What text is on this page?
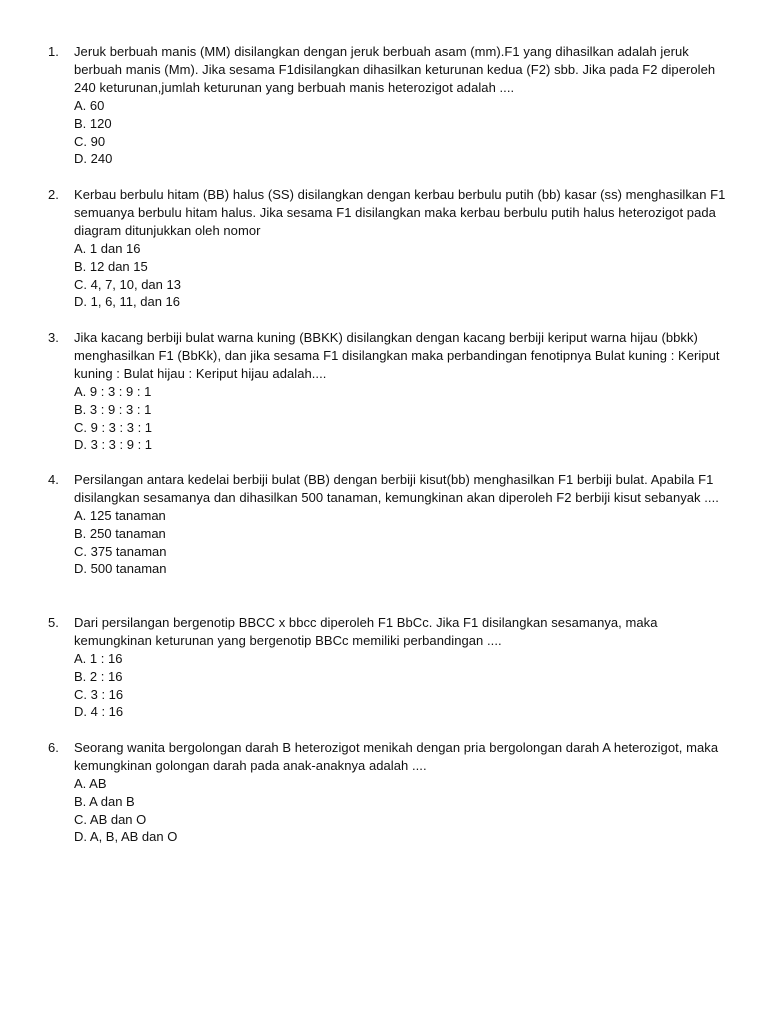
1.	Jeruk berbuah manis (MM) disilangkan dengan jeruk berbuah asam (mm).F1 yang dihasilkan adalah jeruk berbuah manis (Mm). Jika sesama F1disilangkan dihasilkan keturunan kedua (F2) sbb. Jika pada F2 diperoleh 240 keturunan,jumlah keturunan yang berbuah manis heterozigot adalah ....
A. 60
B. 120
C. 90
D. 240
2.	Kerbau berbulu hitam (BB) halus (SS) disilangkan dengan kerbau berbulu putih (bb) kasar (ss) menghasilkan F1 semuanya berbulu hitam halus. Jika sesama F1 disilangkan maka kerbau berbulu putih halus heterozigot pada diagram ditunjukkan oleh nomor
A. 1 dan 16
B. 12 dan 15
C. 4, 7, 10, dan 13
D. 1, 6, 11, dan 16
3.	Jika kacang berbiji bulat warna kuning (BBKK) disilangkan dengan kacang berbiji keriput warna hijau (bbkk) menghasilkan F1 (BbKk), dan jika sesama F1 disilangkan maka perbandingan fenotipnya Bulat kuning : Keriput kuning : Bulat hijau : Keriput hijau adalah....
A. 9 : 3 : 9 : 1
B. 3 : 9 : 3 : 1
C. 9 : 3 : 3 : 1
D. 3 : 3 : 9 : 1
4.	Persilangan antara kedelai berbiji bulat (BB) dengan berbiji kisut(bb) menghasilkan F1 berbiji bulat. Apabila F1 disilangkan sesamanya dan dihasilkan 500 tanaman, kemungkinan akan diperoleh F2 berbiji kisut sebanyak ....
A. 125 tanaman
B. 250 tanaman
C. 375 tanaman
D. 500 tanaman
5.	Dari persilangan bergenotip BBCC x bbcc diperoleh F1 BbCc. Jika F1 disilangkan sesamanya, maka kemungkinan keturunan yang bergenotip BBCc memiliki perbandingan ....
A. 1 : 16
B. 2 : 16
C. 3 : 16
D. 4 : 16
6.	Seorang wanita bergolongan darah B heterozigot menikah dengan pria bergolongan darah A heterozigot, maka kemungkinan golongan darah pada anak-anaknya adalah ....
A. AB
B. A dan B
C. AB dan O
D. A, B, AB dan O
